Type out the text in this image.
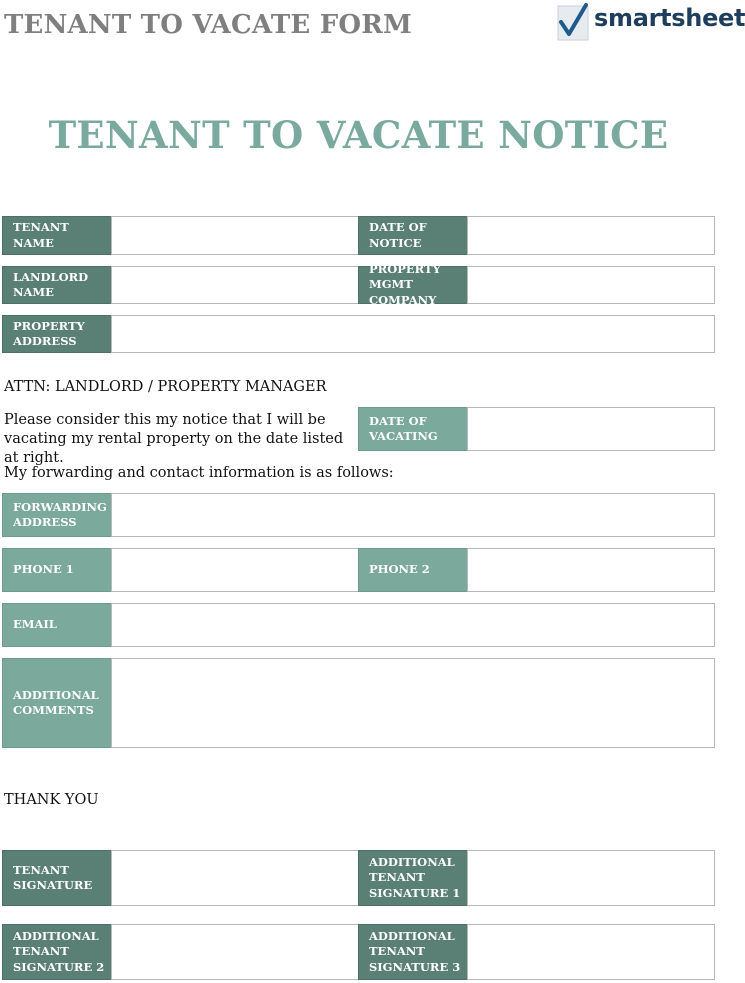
TENANT TO VACATE FORM	smartsheet
TENANT TO VACATE NOTICE
TENANT NAME
DATE OF NOTICE
LANDLORD NAME
PROPERTY MGMT COMPANY
PROPERTY ADDRESS
ATTN: LANDLORD / PROPERTY MANAGER
Please consider this my notice that I will be vacating my rental property on the date listed at right.
DATE OF VACATING
My forwarding and contact information is as follows:
FORWARDING ADDRESS
PHONE 1	PHONE 2
EMAIL
ADDITIONAL COMMENTS
THANK YOU
TENANT SIGNATURE
ADDITIONAL TENANT SIGNATURE 1
ADDITIONAL TENANT SIGNATURE 2
ADDITIONAL TENANT SIGNATURE 3
